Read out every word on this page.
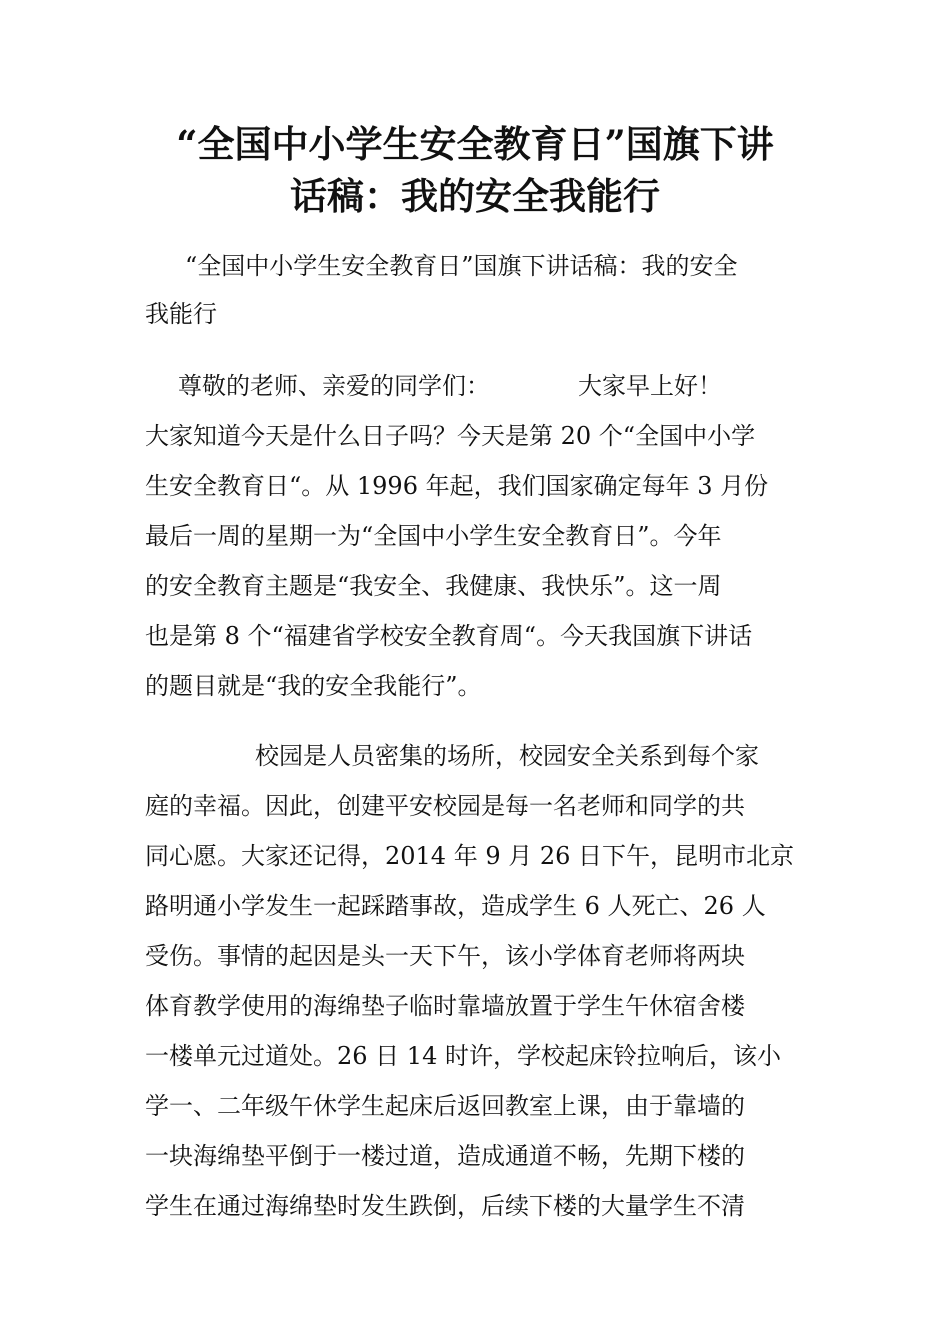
“全国中小学生安全教育日”国旗下讲
话稿：我的安全我能行
“全国中小学生安全教育日”国旗下讲话稿：我的安全
我能行
尊敬的老师、亲爱的同学们：	大家早上好！
大家知道今天是什么日子吗？今天是第 20 个“全国中小学
生安全教育日“。从 1996 年起，我们国家确定每年 3 月份
最后一周的星期一为“全国中小学生安全教育日”。今年
的安全教育主题是“我安全、我健康、我快乐”。这一周
也是第 8 个“福建省学校安全教育周“。今天我国旗下讲话
的题目就是“我的安全我能行”。
校园是人员密集的场所，校园安全关系到每个家
庭的幸福。因此，创建平安校园是每一名老师和同学的共
同心愿。大家还记得，2014 年 9 月 26 日下午，昆明市北京
路明通小学发生一起踩踏事故，造成学生 6 人死亡、26 人
受伤。事情的起因是头一天下午，该小学体育老师将两块
体育教学使用的海绵垫子临时靠墙放置于学生午休宿舍楼
一楼单元过道处。26 日 14 时许，学校起床铃拉响后，该小
学一、二年级午休学生起床后返回教室上课，由于靠墙的
一块海绵垫平倒于一楼过道，造成通道不畅，先期下楼的
学生在通过海绵垫时发生跌倒，后续下楼的大量学生不清
